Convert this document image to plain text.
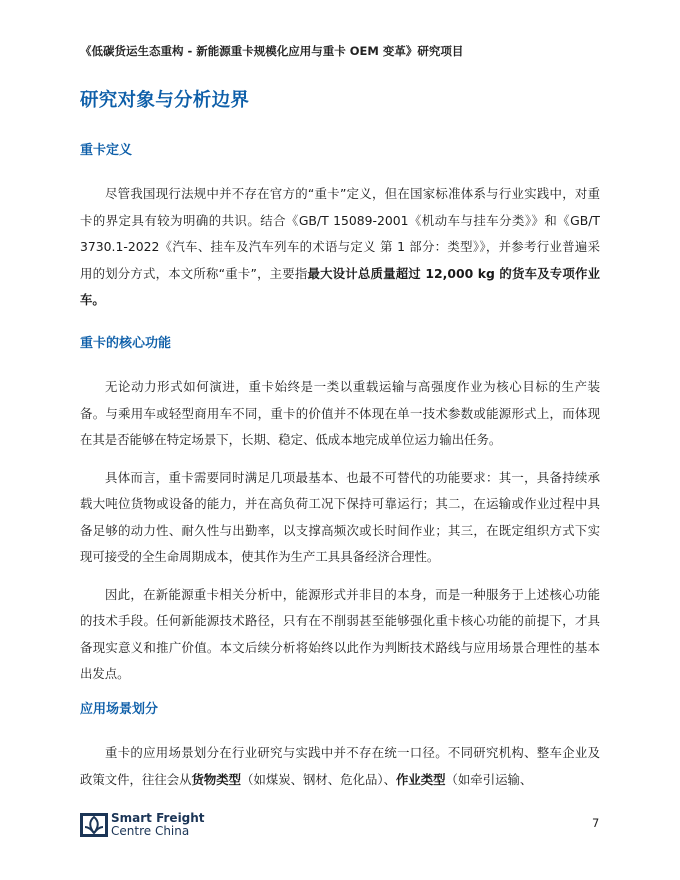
《低碳货运生态重构 - 新能源重卡规模化应用与重卡 OEM 变革》研究项目
研究对象与分析边界
重卡定义

尽管我国现行法规中并不存在官方的“重卡”定义，但在国家标准体系与行业实践中，对重卡的界定具有较为明确的共识。结合《GB/T 15089-2001《机动车与挂车分类》》和《GB/T 3730.1-2022《汽车、挂车及汽车列车的术语与定义 第 1 部分：类型》》，并参考行业普遍采用的划分方式，本文所称“重卡”，主要指最大设计总质量超过 12,000 kg 的货车及专项作业车。

重卡的核心功能

无论动力形式如何演进，重卡始终是一类以重载运输与高强度作业为核心目标的生产装备。与乘用车或轻型商用车不同，重卡的价值并不体现在单一技术参数或能源形式上，而体现在其是否能够在特定场景下，长期、稳定、低成本地完成单位运力输出任务。

具体而言，重卡需要同时满足几项最基本、也最不可替代的功能要求：其一，具备持续承载大吨位货物或设备的能力，并在高负荷工况下保持可靠运行；其二，在运输或作业过程中具备足够的动力性、耐久性与出勤率，以支撑高频次或长时间作业；其三，在既定组织方式下实现可接受的全生命周期成本，使其作为生产工具具备经济合理性。

因此，在新能源重卡相关分析中，能源形式并非目的本身，而是一种服务于上述核心功能的技术手段。任何新能源技术路径，只有在不削弱甚至能够强化重卡核心功能的前提下，才具备现实意义和推广价值。本文后续分析将始终以此作为判断技术路线与应用场景合理性的基本出发点。

应用场景划分

重卡的应用场景划分在行业研究与实践中并不存在统一口径。不同研究机构、整车企业及政策文件，往往会从货物类型（如煤炭、钢材、危化品）、作业类型（如牵引运输、

Smart Freight
Centre China
7
